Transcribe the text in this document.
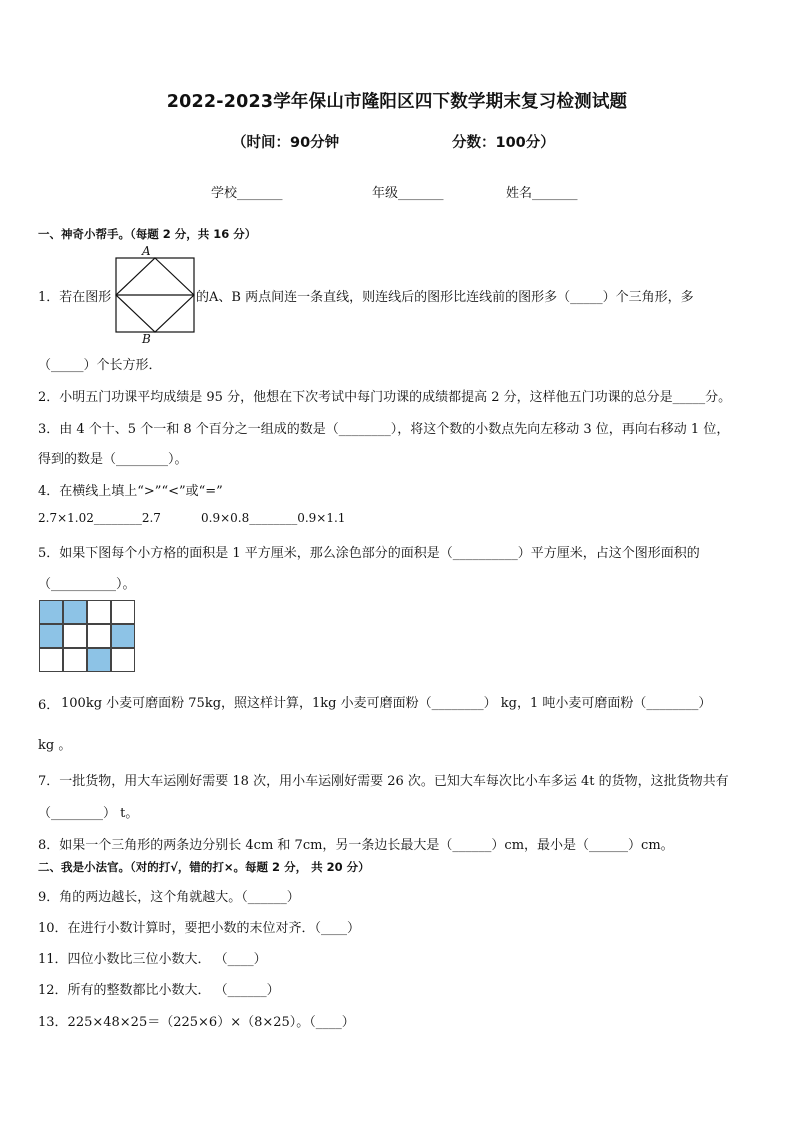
2022-2023学年保山市隆阳区四下数学期末复习检测试题
（时间：90分钟	分数：100分）
学校_______	年级_______	姓名_______
一、神奇小帮手。（每题 2 分，共 16 分）
1．若在图形
A
B
的A、B 两点间连一条直线，则连线后的图形比连线前的图形多（_____）个三角形，多
（_____）个长方形．
2．小明五门功课平均成绩是 95 分，他想在下次考试中每门功课的成绩都提高 2 分，这样他五门功课的总分是_____分。
3．由 4 个十、5 个一和 8 个百分之一组成的数是（________），将这个数的小数点先向左移动 3 位，再向右移动 1 位，
得到的数是（________）。
4．在横线上填上“>”“<”或“=”
2.7×1.02________2.7	0.9×0.8________0.9×1.1
5．如果下图每个小方格的面积是 1 平方厘米，那么涂色部分的面积是（__________）平方厘米，占这个图形面积的
（__________）。
6． 100kg 小麦可磨面粉 75kg，照这样计算，1kg 小麦可磨面粉（________） kg，1 吨小麦可磨面粉（________）
kg 。
7．一批货物，用大车运刚好需要 18 次，用小车运刚好需要 26 次。已知大车每次比小车多运 4t 的货物，这批货物共有
（________） t。
8．如果一个三角形的两条边分别长 4cm 和 7cm，另一条边长最大是（______）cm，最小是（______）cm。
二、我是小法官。（对的打√，错的打×。每题 2 分， 共 20 分）
9．角的两边越长，这个角就越大。（______）
10．在进行小数计算时，要把小数的末位对齐．（____）
11．四位小数比三位小数大． （____）
12．所有的整数都比小数大． （______）
13．225×48×25＝（225×6）×（8×25）。（____）
